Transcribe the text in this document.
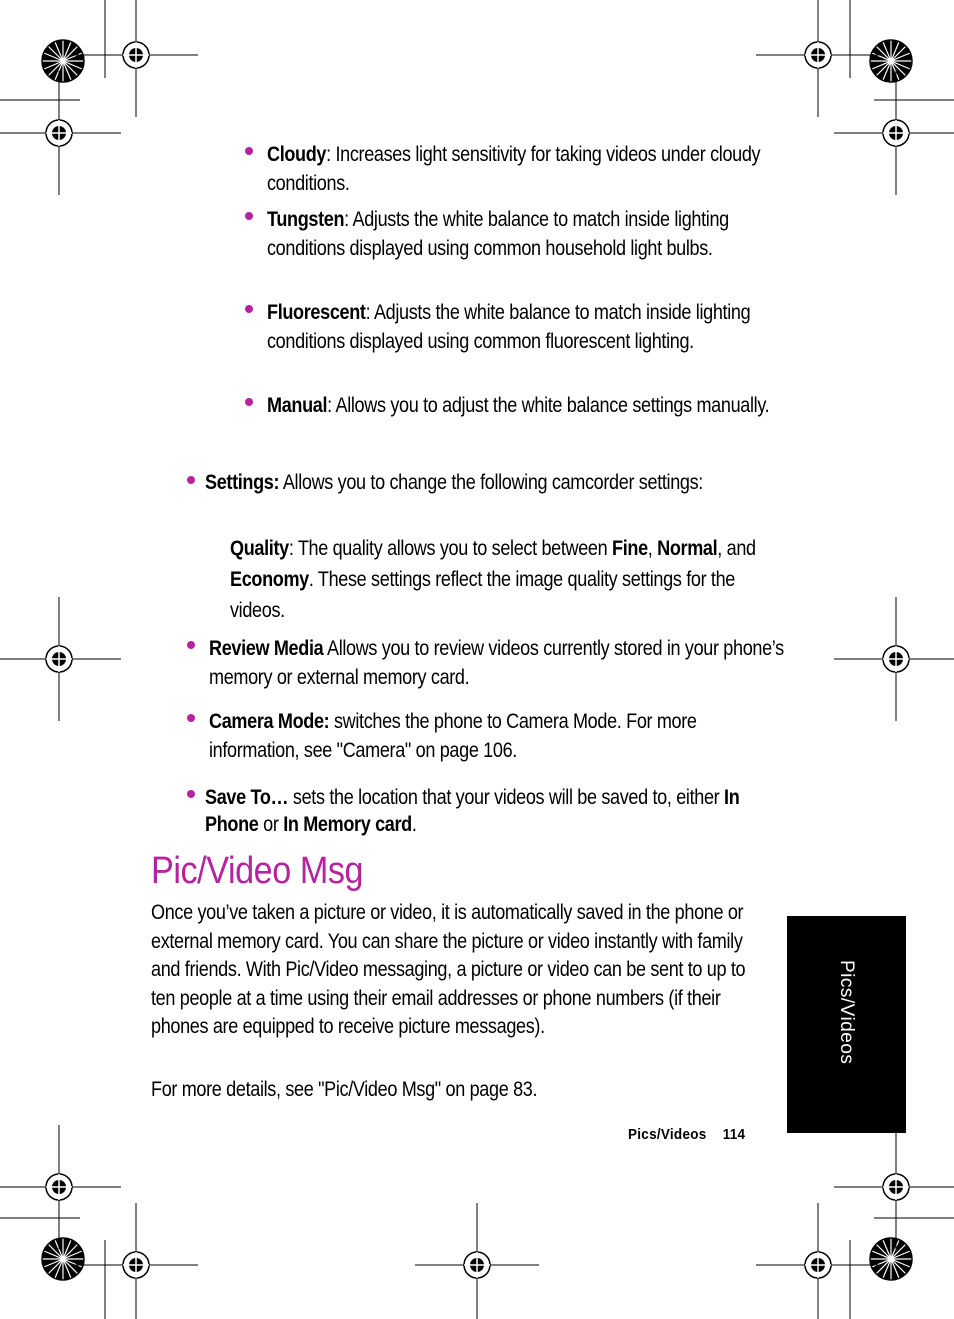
Cloudy: Increases light sensitivity for taking videos under cloudy conditions.
Tungsten: Adjusts the white balance to match inside lighting conditions displayed using common household light bulbs.
Fluorescent: Adjusts the white balance to match inside lighting conditions displayed using common fluorescent lighting.
Manual: Allows you to adjust the white balance settings manually.
Settings: Allows you to change the following camcorder settings:
Quality: The quality allows you to select between Fine, Normal, and Economy. These settings reflect the image quality settings for the videos.
Review Media Allows you to review videos currently stored in your phone’s memory or external memory card.
Camera Mode: switches the phone to Camera Mode. For more information, see "Camera" on page 106.
Save To… sets the location that your videos will be saved to, either In Phone or In Memory card.
Pic/Video Msg

Once you’ve taken a picture or video, it is automatically saved in the phone or external memory card. You can share the picture or video instantly with family and friends. With Pic/Video messaging, a picture or video can be sent to up to ten people at a time using their email addresses or phone numbers (if their phones are equipped to receive picture messages).

For more details, see "Pic/Video Msg" on page 83.

Pics/Videos 114
Pics/Videos
